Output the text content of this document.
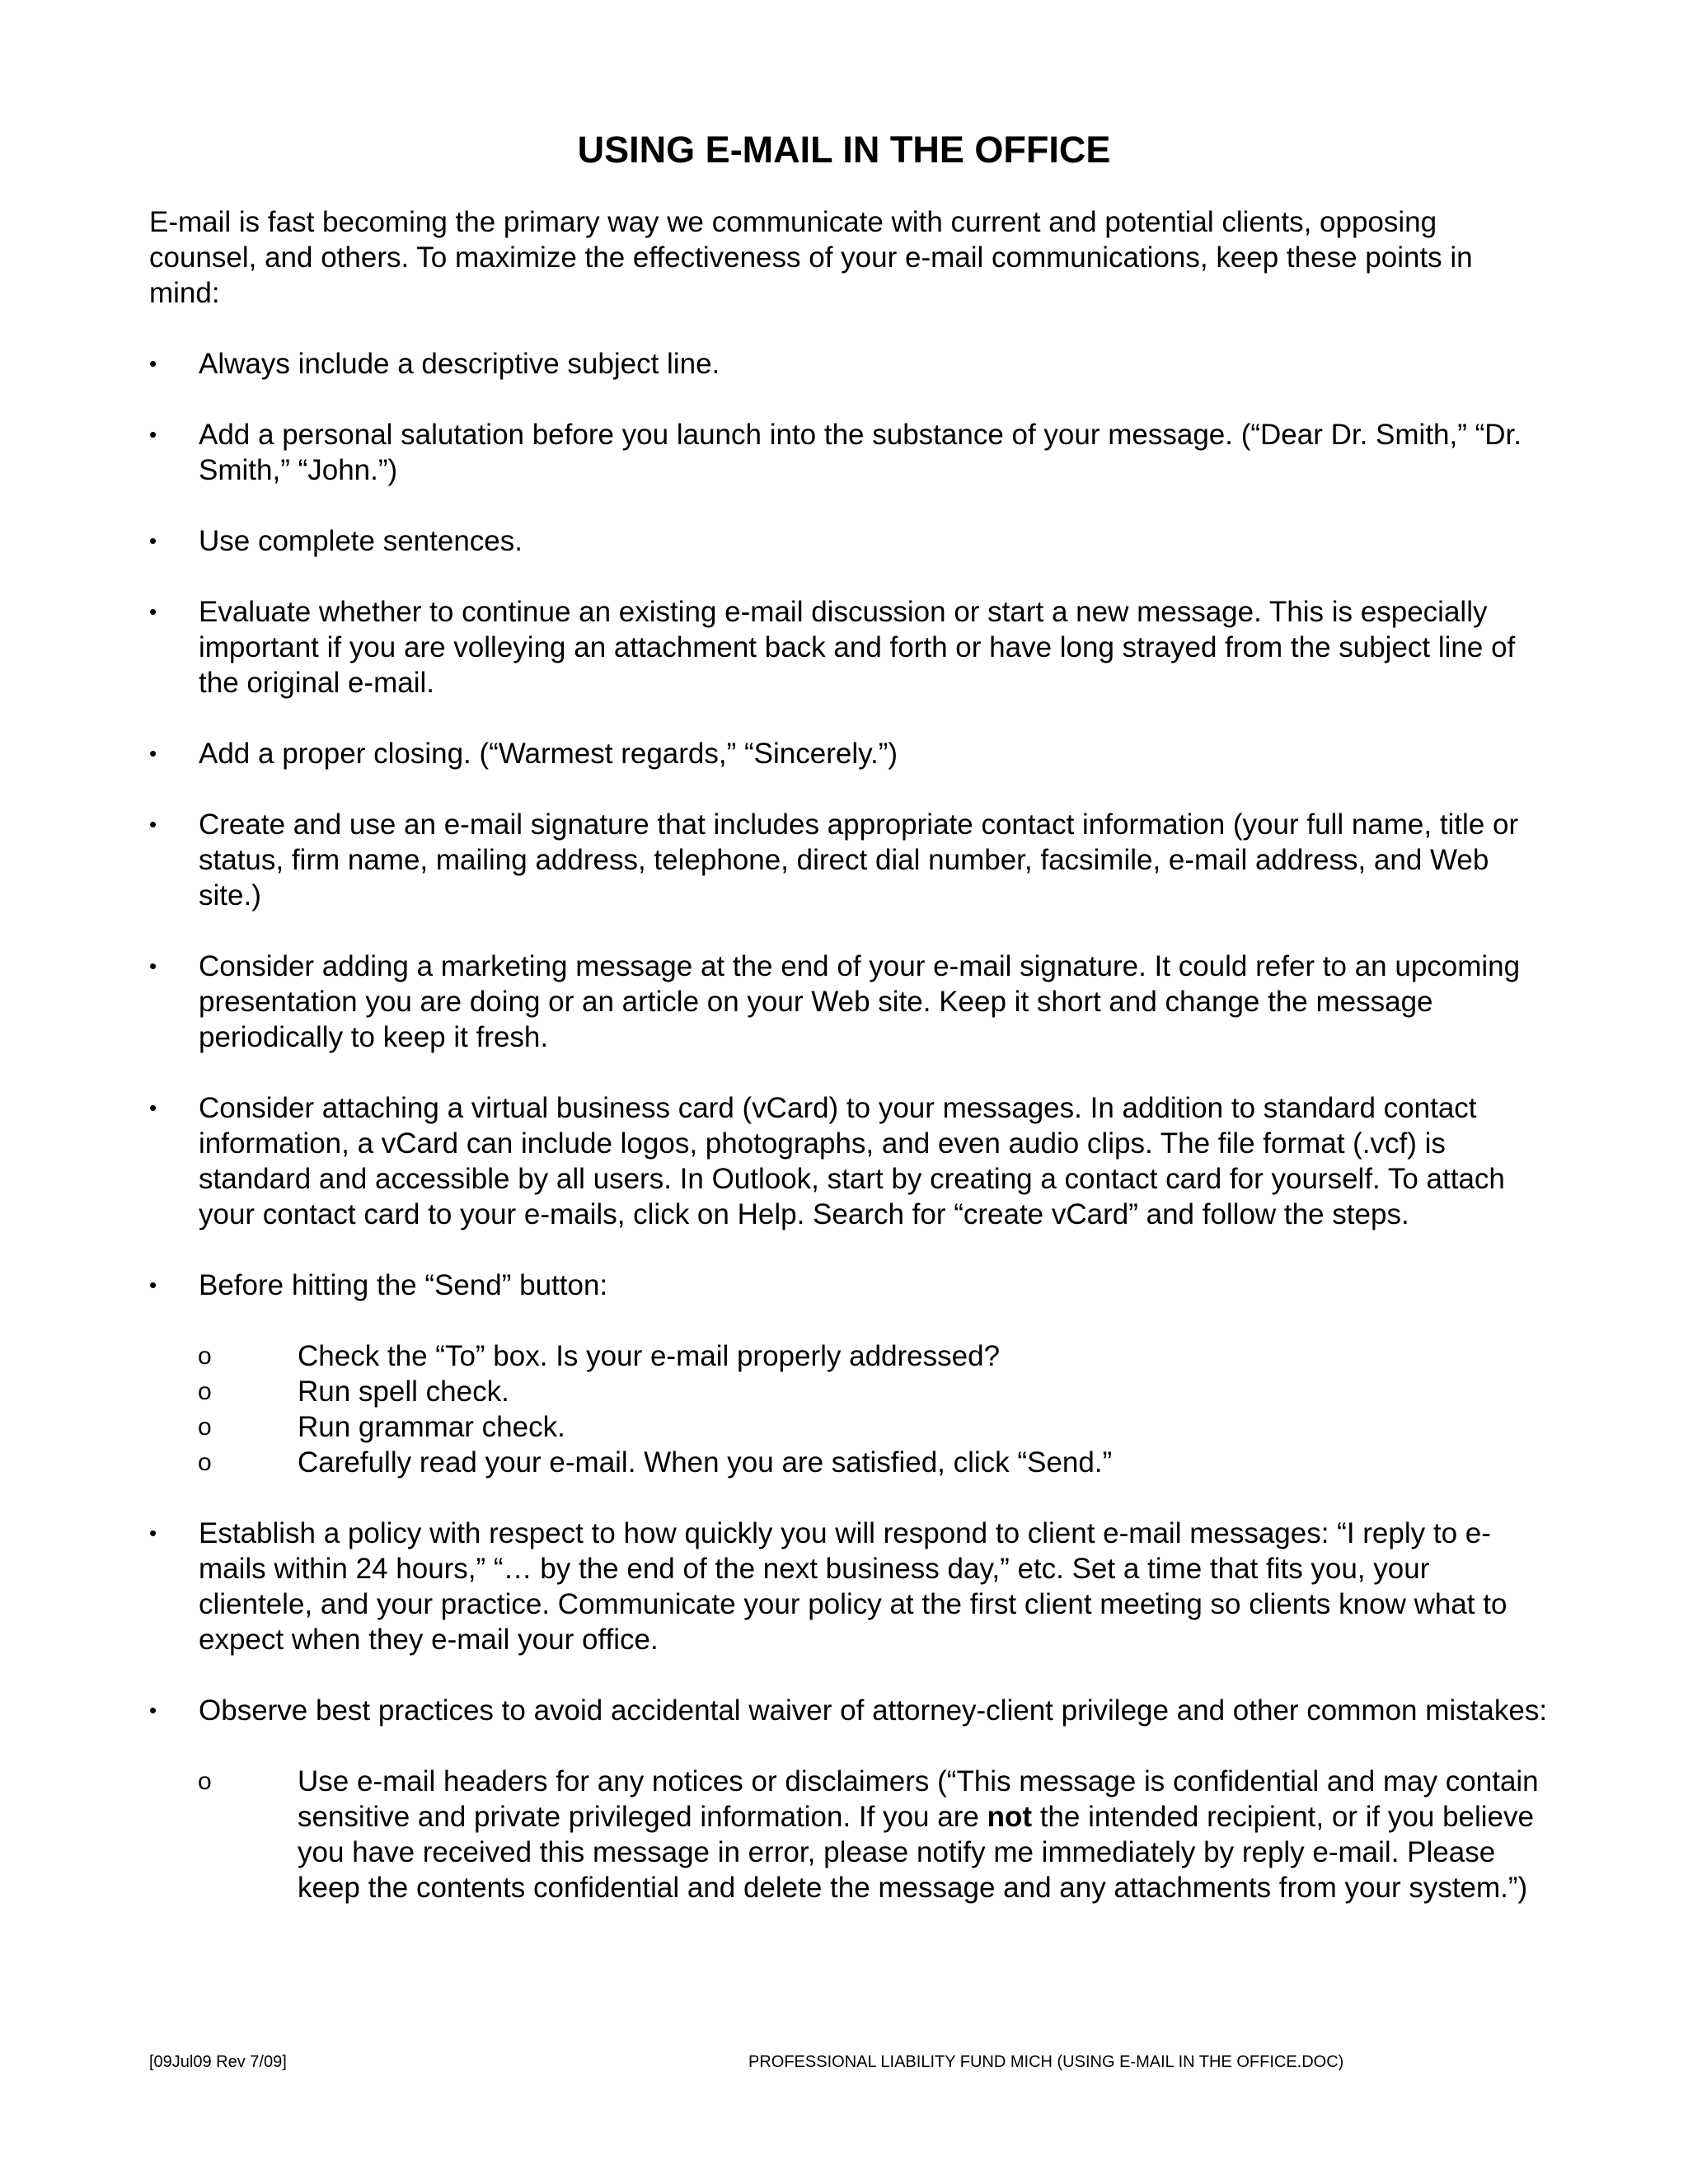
USING E-MAIL IN THE OFFICE

E-mail is fast becoming the primary way we communicate with current and potential clients, opposing counsel, and others. To maximize the effectiveness of your e-mail communications, keep these points in mind:

•	Always include a descriptive subject line.
•	Add a personal salutation before you launch into the substance of your message. (“Dear Dr. Smith,” “Dr. Smith,” “John.”)
•	Use complete sentences.
•	Evaluate whether to continue an existing e-mail discussion or start a new message. This is especially important if you are volleying an attachment back and forth or have long strayed from the subject line of the original e-mail.
•	Add a proper closing. (“Warmest regards,” “Sincerely.”)
•	Create and use an e-mail signature that includes appropriate contact information (your full name, title or status, firm name, mailing address, telephone, direct dial number, facsimile, e-mail address, and Web site.)
•	Consider adding a marketing message at the end of your e-mail signature. It could refer to an upcoming presentation you are doing or an article on your Web site. Keep it short and change the message periodically to keep it fresh.
•	Consider attaching a virtual business card (vCard) to your messages. In addition to standard contact information, a vCard can include logos, photographs, and even audio clips. The file format (.vcf) is standard and accessible by all users. In Outlook, start by creating a contact card for yourself. To attach your contact card to your e-mails, click on Help. Search for “create vCard” and follow the steps.
•	Before hitting the “Send” button:
o	Check the “To” box. Is your e-mail properly addressed?
o	Run spell check.
o	Run grammar check.
o	Carefully read your e-mail. When you are satisfied, click “Send.”
•	Establish a policy with respect to how quickly you will respond to client e-mail messages: “I reply to e-mails within 24 hours,” “… by the end of the next business day,” etc. Set a time that fits you, your clientele, and your practice. Communicate your policy at the first client meeting so clients know what to expect when they e-mail your office.
•	Observe best practices to avoid accidental waiver of attorney-client privilege and other common mistakes:
o	Use e-mail headers for any notices or disclaimers (“This message is confidential and may contain sensitive and private privileged information. If you are not the intended recipient, or if you believe you have received this message in error, please notify me immediately by reply e-mail. Please keep the contents confidential and delete the message and any attachments from your system.”)
[09Jul09 Rev 7/09]	PROFESSIONAL LIABILITY FUND MICH (USING E-MAIL IN THE OFFICE.DOC)
